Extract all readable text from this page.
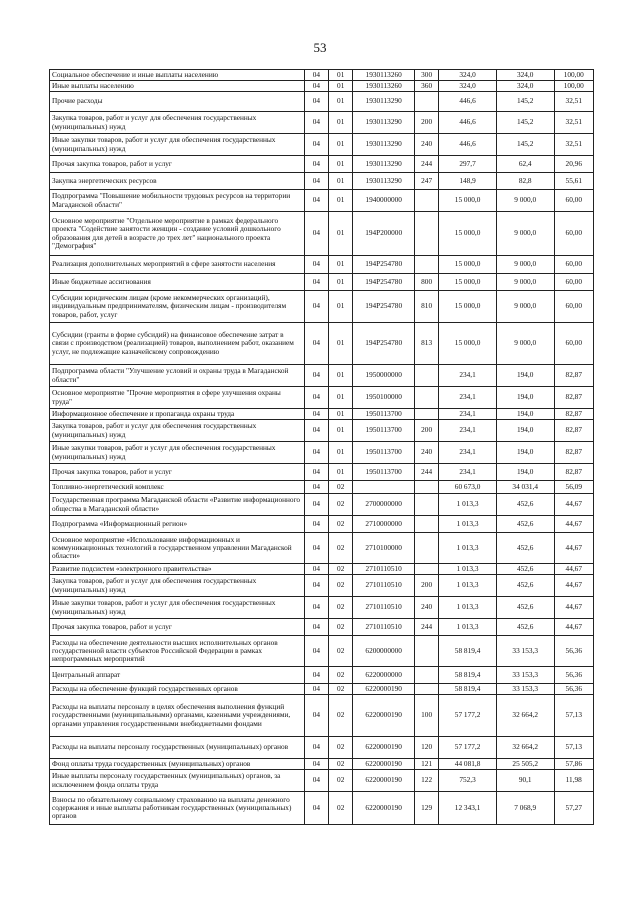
53
Социальное обеспечение и иные выплаты населению	04	01	1930113260	300	324,0	324,0	100,00
Иные выплаты населению	04	01	1930113260	360	324,0	324,0	100,00
Прочие расходы	04	01	1930113290		446,6	145,2	32,51
Закупка товаров, работ и услуг для обеспечения государственных (муниципальных) нужд	04	01	1930113290	200	446,6	145,2	32,51
Иные закупки товаров, работ и услуг для обеспечения государственных (муниципальных) нужд	04	01	1930113290	240	446,6	145,2	32,51
Прочая закупка товаров, работ и услуг	04	01	1930113290	244	297,7	62,4	20,96
Закупка энергетических ресурсов	04	01	1930113290	247	148,9	82,8	55,61
Подпрограмма "Повышение мобильности трудовых ресурсов на территории Магаданской области"	04	01	1940000000		15 000,0	9 000,0	60,00
Основное мероприятие "Отдельное мероприятие в рамках федерального проекта "Содействие занятости женщин - создание условий дошкольного образования для детей в возрасте до трех лет" национального проекта "Демография"	04	01	194P200000		15 000,0	9 000,0	60,00
Реализация дополнительных мероприятий в сфере занятости населения	04	01	194P254780		15 000,0	9 000,0	60,00
Иные бюджетные ассигнования	04	01	194P254780	800	15 000,0	9 000,0	60,00
Субсидии юридическим лицам (кроме некоммерческих организаций), индивидуальным предпринимателям, физическим лицам - производителям товаров, работ, услуг	04	01	194P254780	810	15 000,0	9 000,0	60,00
Субсидии (гранты в форме субсидий) на финансовое обеспечение затрат в связи с производством (реализацией) товаров, выполнением работ, оказанием услуг, не подлежащие казначейскому сопровождению	04	01	194P254780	813	15 000,0	9 000,0	60,00
Подпрограмма области "Улучшение условий и охраны труда в Магаданской области"	04	01	1950000000		234,1	194,0	82,87
Основное мероприятие "Прочие мероприятия в сфере улучшения охраны труда"	04	01	1950100000		234,1	194,0	82,87
Информационное обеспечение и пропаганда охраны труда	04	01	1950113700		234,1	194,0	82,87
Закупка товаров, работ и услуг для обеспечения государственных (муниципальных) нужд	04	01	1950113700	200	234,1	194,0	82,87
Иные закупки товаров, работ и услуг для обеспечения государственных (муниципальных) нужд	04	01	1950113700	240	234,1	194,0	82,87
Прочая закупка товаров, работ и услуг	04	01	1950113700	244	234,1	194,0	82,87
Топливно-энергетический комплекс	04	02			60 673,0	34 031,4	56,09
Государственная программа Магаданской области «Развитие информационного общества в Магаданской области»	04	02	2700000000		1 013,3	452,6	44,67
Подпрограмма «Информационный регион»	04	02	2710000000		1 013,3	452,6	44,67
Основное мероприятие «Использование информационных и коммуникационных технологий в государственном управлении Магаданской области»	04	02	2710100000		1 013,3	452,6	44,67
Развитие подсистем «электронного правительства»	04	02	2710110510		1 013,3	452,6	44,67
Закупка товаров, работ и услуг для обеспечения государственных (муниципальных) нужд	04	02	2710110510	200	1 013,3	452,6	44,67
Иные закупки товаров, работ и услуг для обеспечения государственных (муниципальных) нужд	04	02	2710110510	240	1 013,3	452,6	44,67
Прочая закупка товаров, работ и услуг	04	02	2710110510	244	1 013,3	452,6	44,67
Расходы на обеспечение деятельности высших исполнительных органов государственной власти субъектов Российской Федерации в рамках непрограммных мероприятий	04	02	6200000000		58 819,4	33 153,3	56,36
Центральный аппарат	04	02	6220000000		58 819,4	33 153,3	56,36
Расходы на обеспечение функций государственных органов	04	02	6220000190		58 819,4	33 153,3	56,36
Расходы на выплаты персоналу в целях обеспечения выполнения функций государственными (муниципальными) органами, казенными учреждениями, органами управления государственными внебюджетными фондами	04	02	6220000190	100	57 177,2	32 664,2	57,13
Расходы на выплаты персоналу государственных (муниципальных) органов	04	02	6220000190	120	57 177,2	32 664,2	57,13
Фонд оплаты труда государственных (муниципальных) органов	04	02	6220000190	121	44 081,8	25 505,2	57,86
Иные выплаты персоналу государственных (муниципальных) органов, за исключением фонда оплаты труда	04	02	6220000190	122	752,3	90,1	11,98
Взносы по обязательному социальному страхованию на выплаты денежного содержания и иные выплаты работникам государственных (муниципальных) органов	04	02	6220000190	129	12 343,1	7 068,9	57,27
